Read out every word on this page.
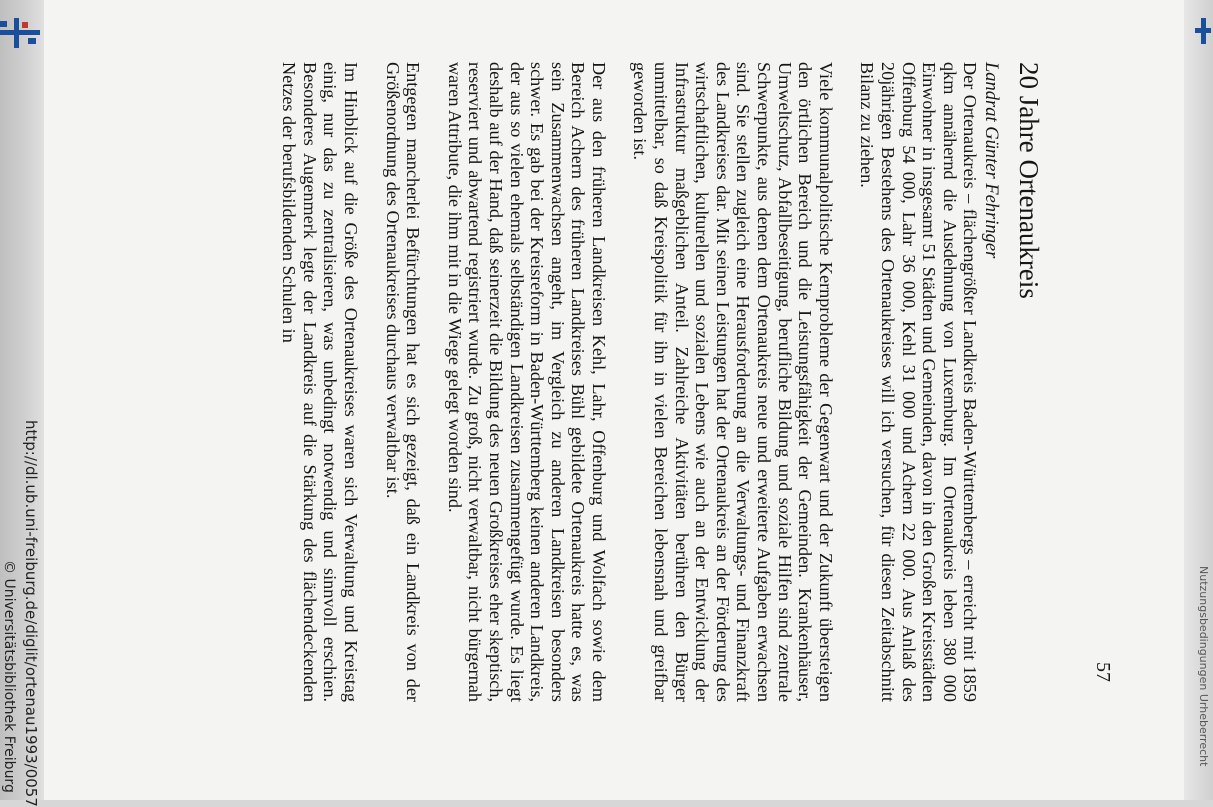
http://dl.ub.uni-freiburg.de/diglit/ortenau1993/0057
© Universitätsbibliothek Freiburg	Nutzungsbedingungen Urheberrecht
57
20 Jahre Ortenaukreis

Landrat Günter Fehringer

Der Ortenaukreis – flächengrößter Landkreis Baden-Württembergs – erreicht mit 1859 qkm annähernd die Ausdehnung von Luxemburg. Im Ortenaukreis leben 380 000 Einwohner in insgesamt 51 Städten und Gemeinden, davon in den Großen Kreisstädten Offenburg 54 000, Lahr 36 000, Kehl 31 000 und Achern 22 000. Aus Anlaß des 20jährigen Bestehens des Ortenaukreises will ich versuchen, für diesen Zeitabschnitt Bilanz zu ziehen.

Viele kommunalpolitische Kernprobleme der Gegenwart und der Zukunft übersteigen den örtlichen Bereich und die Leistungsfähigkeit der Gemeinden. Krankenhäuser, Umweltschutz, Abfallbeseitigung, berufliche Bildung und soziale Hilfen sind zentrale Schwerpunkte, aus denen dem Ortenaukreis neue und erweiterte Aufgaben erwachsen sind. Sie stellen zugleich eine Herausforderung an die Verwaltungs- und Finanzkraft des Landkreises dar. Mit seinen Leistungen hat der Ortenaukreis an der Förderung des wirtschaftlichen, kulturellen und sozialen Lebens wie auch an der Entwicklung der Infrastruktur maßgeblichen Anteil. Zahlreiche Aktivitäten berühren den Bürger unmittelbar, so daß Kreispolitik für ihn in vielen Bereichen lebensnah und greifbar geworden ist.

Der aus den früheren Landkreisen Kehl, Lahr, Offenburg und Wolfach sowie dem Bereich Achern des früheren Landkreises Bühl gebildete Ortenaukreis hatte es, was sein Zusammenwachsen angeht, im Vergleich zu anderen Landkreisen besonders schwer. Es gab bei der Kreisreform in Baden-Württemberg keinen anderen Landkreis, der aus so vielen ehemals selbständigen Landkreisen zusammengefügt wurde. Es liegt deshalb auf der Hand, daß seinerzeit die Bildung des neuen Großkreises eher skeptisch, reserviert und abwartend registriert wurde. Zu groß, nicht verwaltbar, nicht bürgernah waren Attribute, die ihm mit in die Wiege gelegt worden sind.

Entgegen mancherlei Befürchtungen hat es sich gezeigt, daß ein Landkreis von der Größenordnung des Ortenaukreises durchaus verwaltbar ist.

Im Hinblick auf die Größe des Ortenaukreises waren sich Verwaltung und Kreistag einig, nur das zu zentralisieren, was unbedingt notwendig und sinnvoll erschien. Besonderes Augenmerk legte der Landkreis auf die Stärkung des flächendeckenden Netzes der berufsbildenden Schulen in
